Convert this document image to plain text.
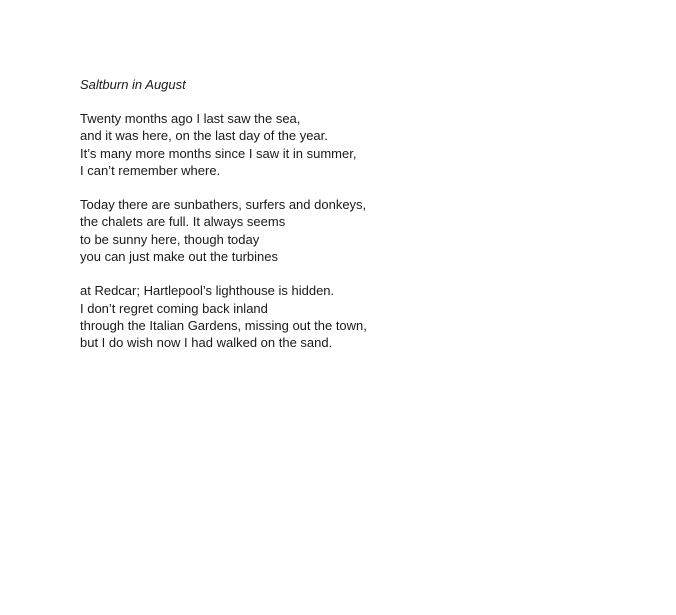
Saltburn in August
Twenty months ago I last saw the sea,
and it was here, on the last day of the year.
It’s many more months since I saw it in summer,
I can’t remember where.
Today there are sunbathers, surfers and donkeys,
the chalets are full. It always seems
to be sunny here, though today
you can just make out the turbines
at Redcar; Hartlepool’s lighthouse is hidden.
I don’t regret coming back inland
through the Italian Gardens, missing out the town,
but I do wish now I had walked on the sand.
